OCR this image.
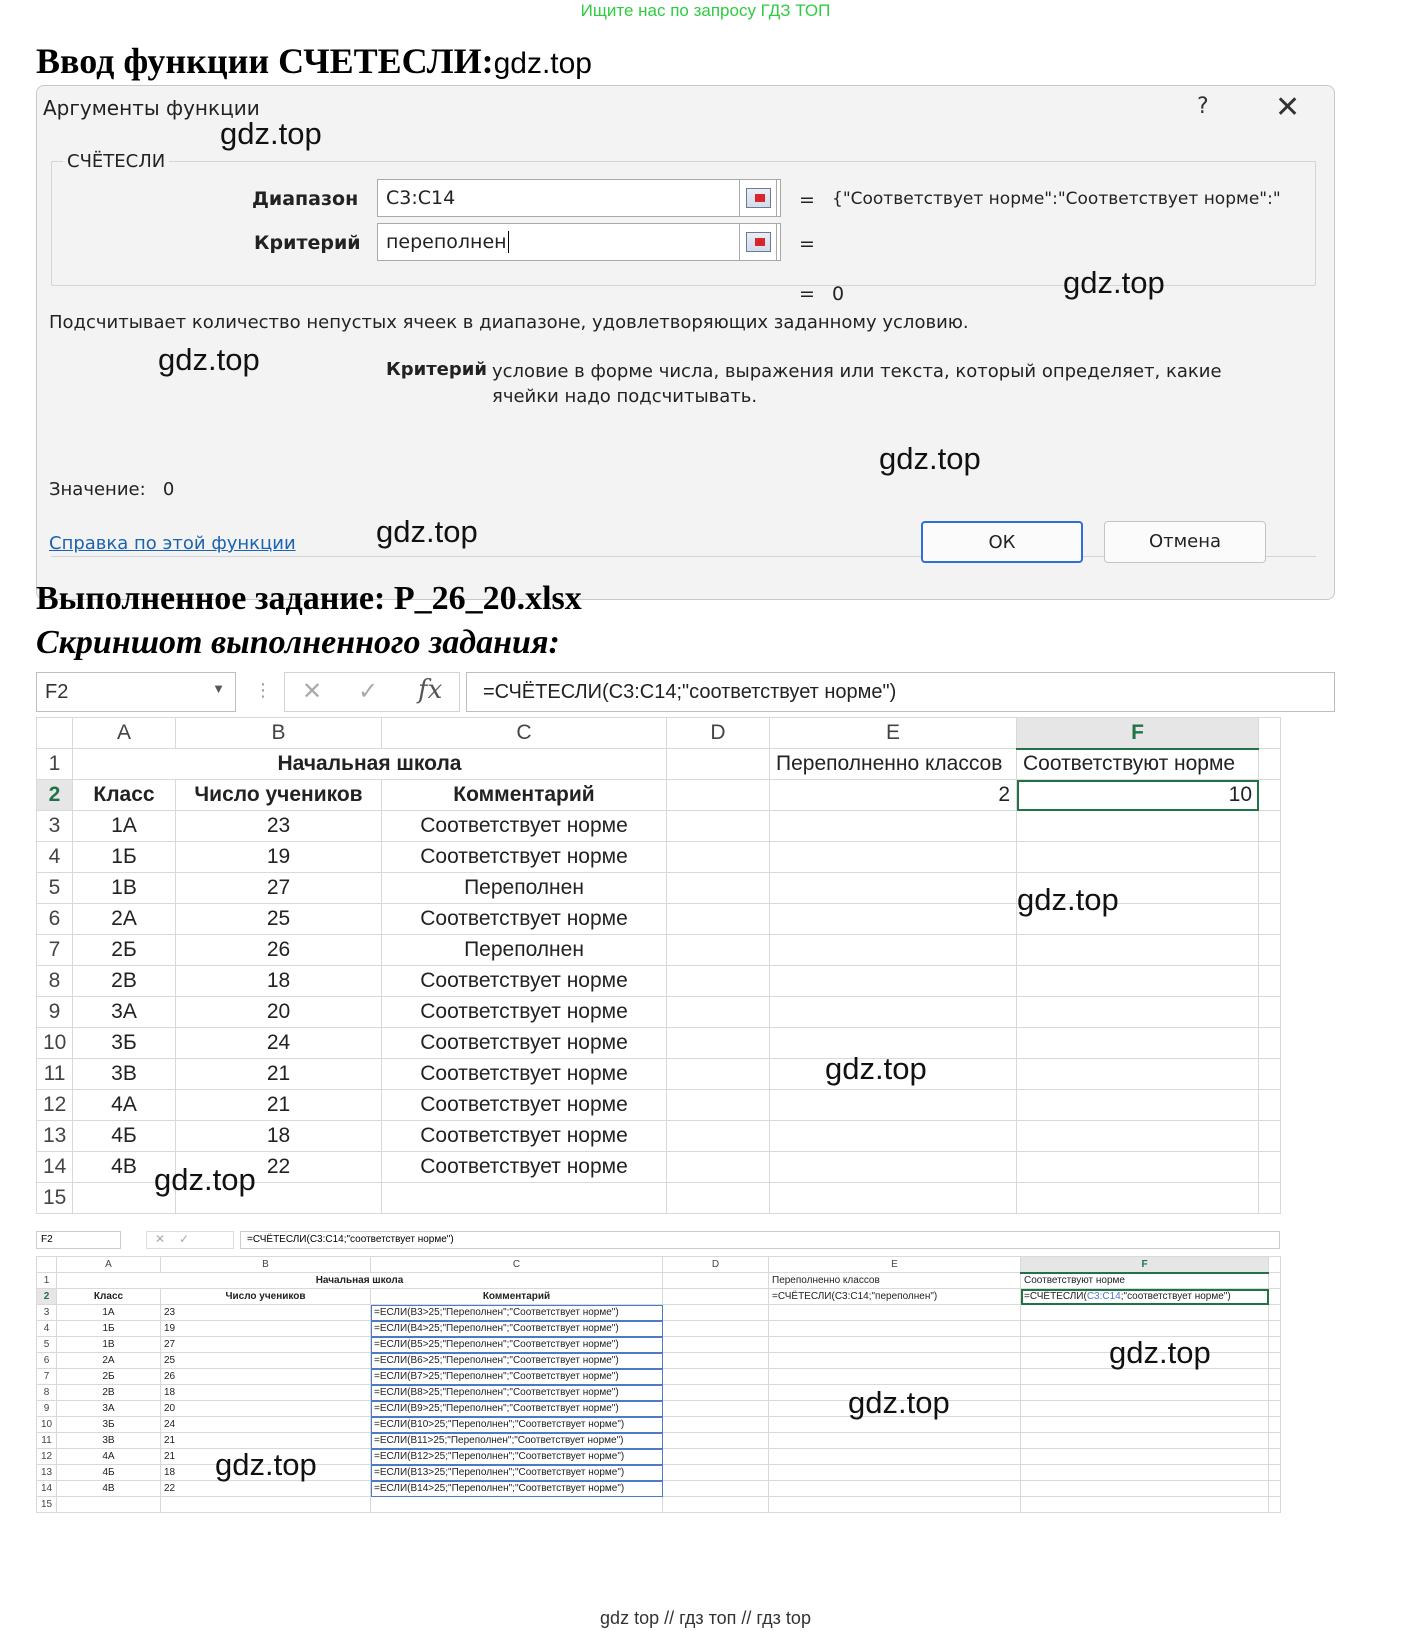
Ищите нас по запросу ГДЗ ТОП
Ввод функции СЧЕТЕСЛИ:gdz.top
Аргументы функции	? ✕
СЧЁТЕСЛИ
Диапазон	C3:C14	= {"Соответствует норме":"Соответствует норме":"
Критерий	переполнен	=
= 0
Подсчитывает количество непустых ячеек в диапазоне, удовлетворяющих заданному условию.
Критерий условие в форме числа, выражения или текста, который определяет, какие ячейки надо подсчитывать.
Значение: 0
Справка по этой функции	ОК	Отмена
Выполненное задание: Р_26_20.xlsx
Скриншот выполненного задания:
F2	▼ ⋮ ✕ ✓ fx	=СЧЁТЕСЛИ(C3:C14;"соответствует норме")
	A	B	C	D	E	F	
1	Начальная школа				Переполненно классов	Соответствуют норме	
2	Класс	Число учеников	Комментарий		2	10	
3	1А	23	Соответствует норме				
4	1Б	19	Соответствует норме				
5	1В	27	Переполнен				
6	2А	25	Соответствует норме				
7	2Б	26	Переполнен				
8	2В	18	Соответствует норме				
9	3А	20	Соответствует норме				
10	3Б	24	Соответствует норме				
11	3В	21	Соответствует норме				
12	4А	21	Соответствует норме				
13	4Б	18	Соответствует норме				
14	4В	22	Соответствует норме				
15							
F2	✕✓	=СЧЁТЕСЛИ(C3:C14;"соответствует норме")
	A	B	C	D	E	F	
1	Начальная школа				Переполненно классов	Соответствуют норме	
2	Класс	Число учеников	Комментарий		=СЧЁТЕСЛИ(C3:C14;"переполнен")	=СЧЁТЕСЛИ(C3:C14;"соответствует норме")	
3	1А	23	=ЕСЛИ(B3>25;"Переполнен";"Соответствует норме")				
4	1Б	19	=ЕСЛИ(B4>25;"Переполнен";"Соответствует норме")				
5	1В	27	=ЕСЛИ(B5>25;"Переполнен";"Соответствует норме")				
6	2А	25	=ЕСЛИ(B6>25;"Переполнен";"Соответствует норме")				
7	2Б	26	=ЕСЛИ(B7>25;"Переполнен";"Соответствует норме")				
8	2В	18	=ЕСЛИ(B8>25;"Переполнен";"Соответствует норме")				
9	3А	20	=ЕСЛИ(B9>25;"Переполнен";"Соответствует норме")				
10	3Б	24	=ЕСЛИ(B10>25;"Переполнен";"Соответствует норме")				
11	3В	21	=ЕСЛИ(B11>25;"Переполнен";"Соответствует норме")				
12	4А	21	=ЕСЛИ(B12>25;"Переполнен";"Соответствует норме")				
13	4Б	18	=ЕСЛИ(B13>25;"Переполнен";"Соответствует норме")				
14	4В	22	=ЕСЛИ(B14>25;"Переполнен";"Соответствует норме")				
15							
gdz.top
gdz.top
gdz.top
gdz.top
gdz.top
gdz.top
gdz.top
gdz.top
gdz.top
gdz.top
gdz.top
gdz top // гдз топ // гдз top
